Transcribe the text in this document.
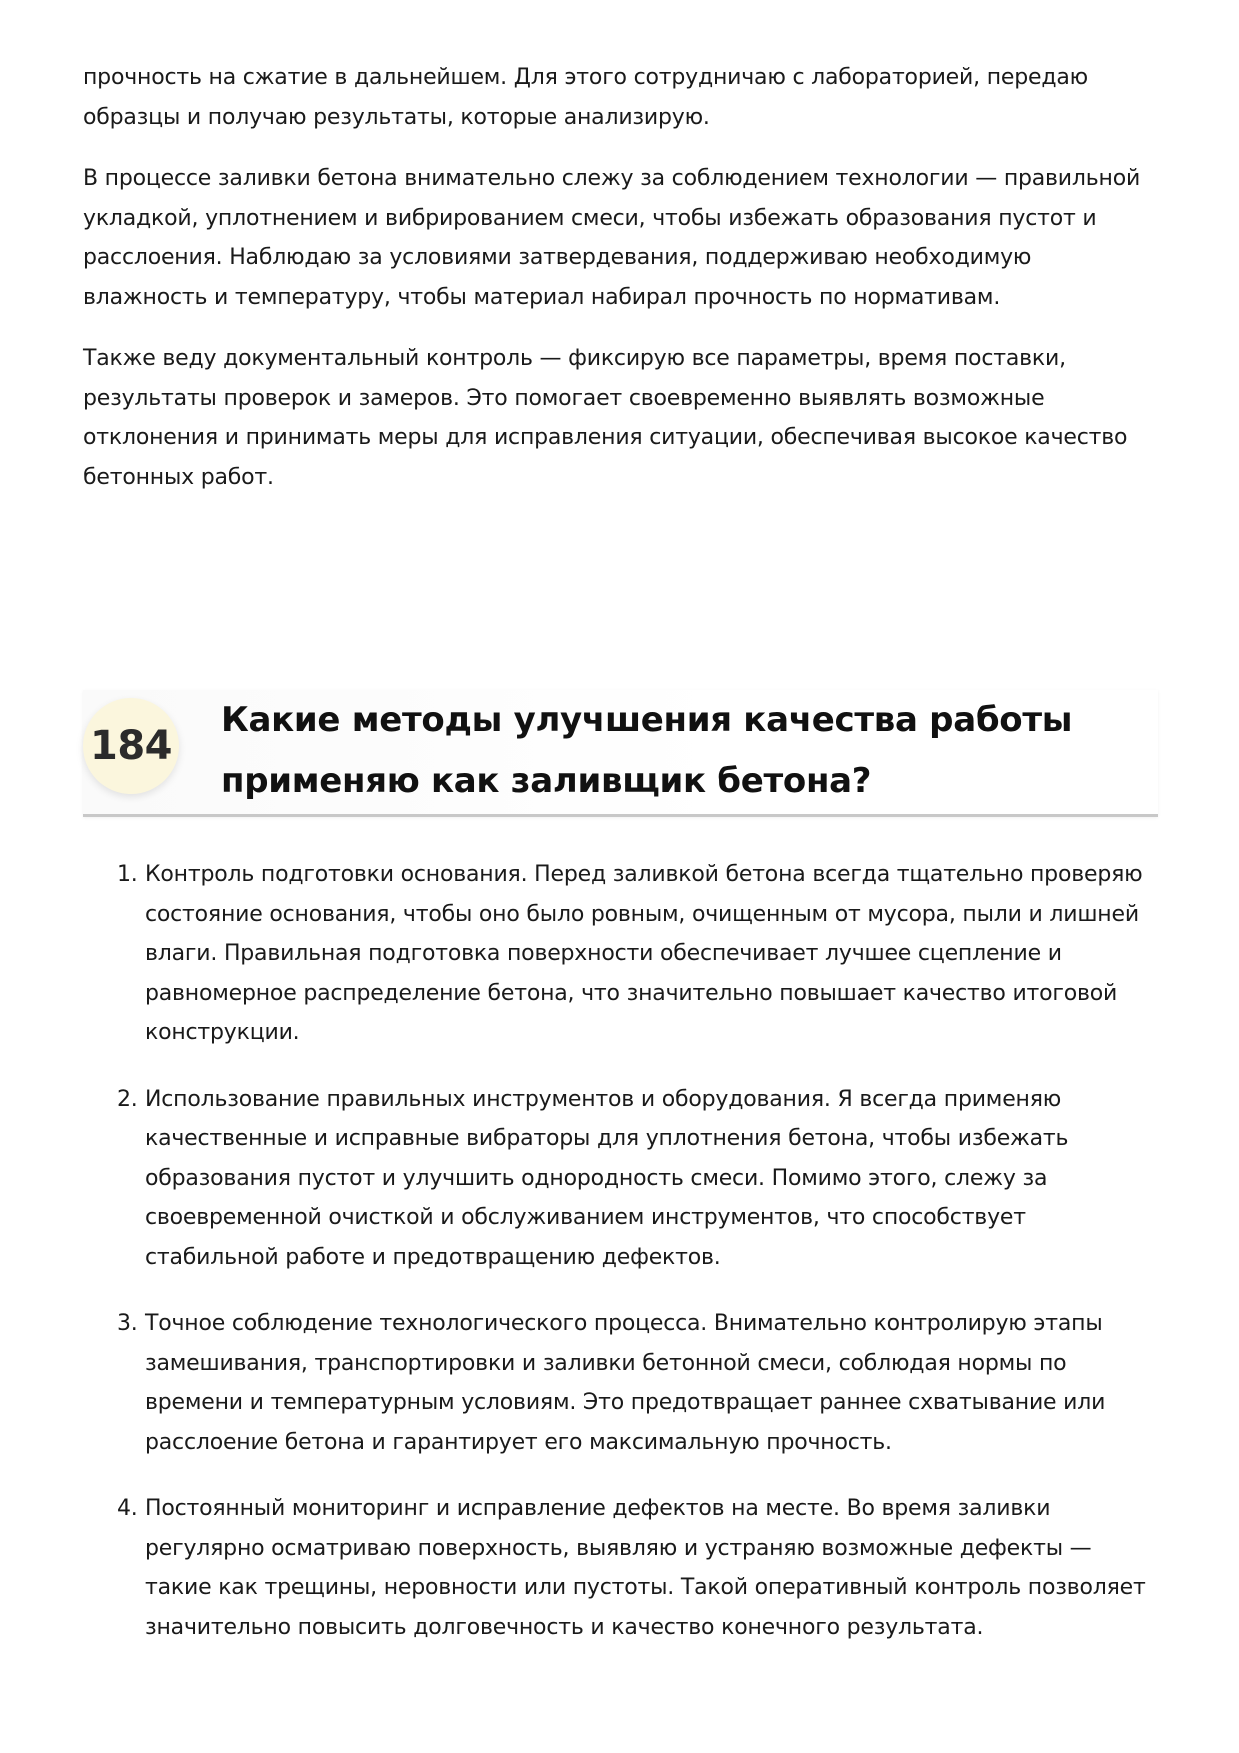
прочность на сжатие в дальнейшем. Для этого сотрудничаю с лабораторией, передаю образцы и получаю результаты, которые анализирую.

В процессе заливки бетона внимательно слежу за соблюдением технологии — правильной укладкой, уплотнением и вибрированием смеси, чтобы избежать образования пустот и расслоения. Наблюдаю за условиями затвердевания, поддерживаю необходимую влажность и температуру, чтобы материал набирал прочность по нормативам.

Также веду документальный контроль — фиксирую все параметры, время поставки, результаты проверок и замеров. Это помогает своевременно выявлять возможные отклонения и принимать меры для исправления ситуации, обеспечивая высокое качество бетонных работ.

184
Какие методы улучшения качества работы применяю как заливщик бетона?
1. Контроль подготовки основания. Перед заливкой бетона всегда тщательно проверяю состояние основания, чтобы оно было ровным, очищенным от мусора, пыли и лишней влаги. Правильная подготовка поверхности обеспечивает лучшее сцепление и равномерное распределение бетона, что значительно повышает качество итоговой конструкции.
2. Использование правильных инструментов и оборудования. Я всегда применяю качественные и исправные вибраторы для уплотнения бетона, чтобы избежать образования пустот и улучшить однородность смеси. Помимо этого, слежу за своевременной очисткой и обслуживанием инструментов, что способствует стабильной работе и предотвращению дефектов.
3. Точное соблюдение технологического процесса. Внимательно контролирую этапы замешивания, транспортировки и заливки бетонной смеси, соблюдая нормы по времени и температурным условиям. Это предотвращает раннее схватывание или расслоение бетона и гарантирует его максимальную прочность.
4. Постоянный мониторинг и исправление дефектов на месте. Во время заливки регулярно осматриваю поверхность, выявляю и устраняю возможные дефекты — такие как трещины, неровности или пустоты. Такой оперативный контроль позволяет значительно повысить долговечность и качество конечного результата.
